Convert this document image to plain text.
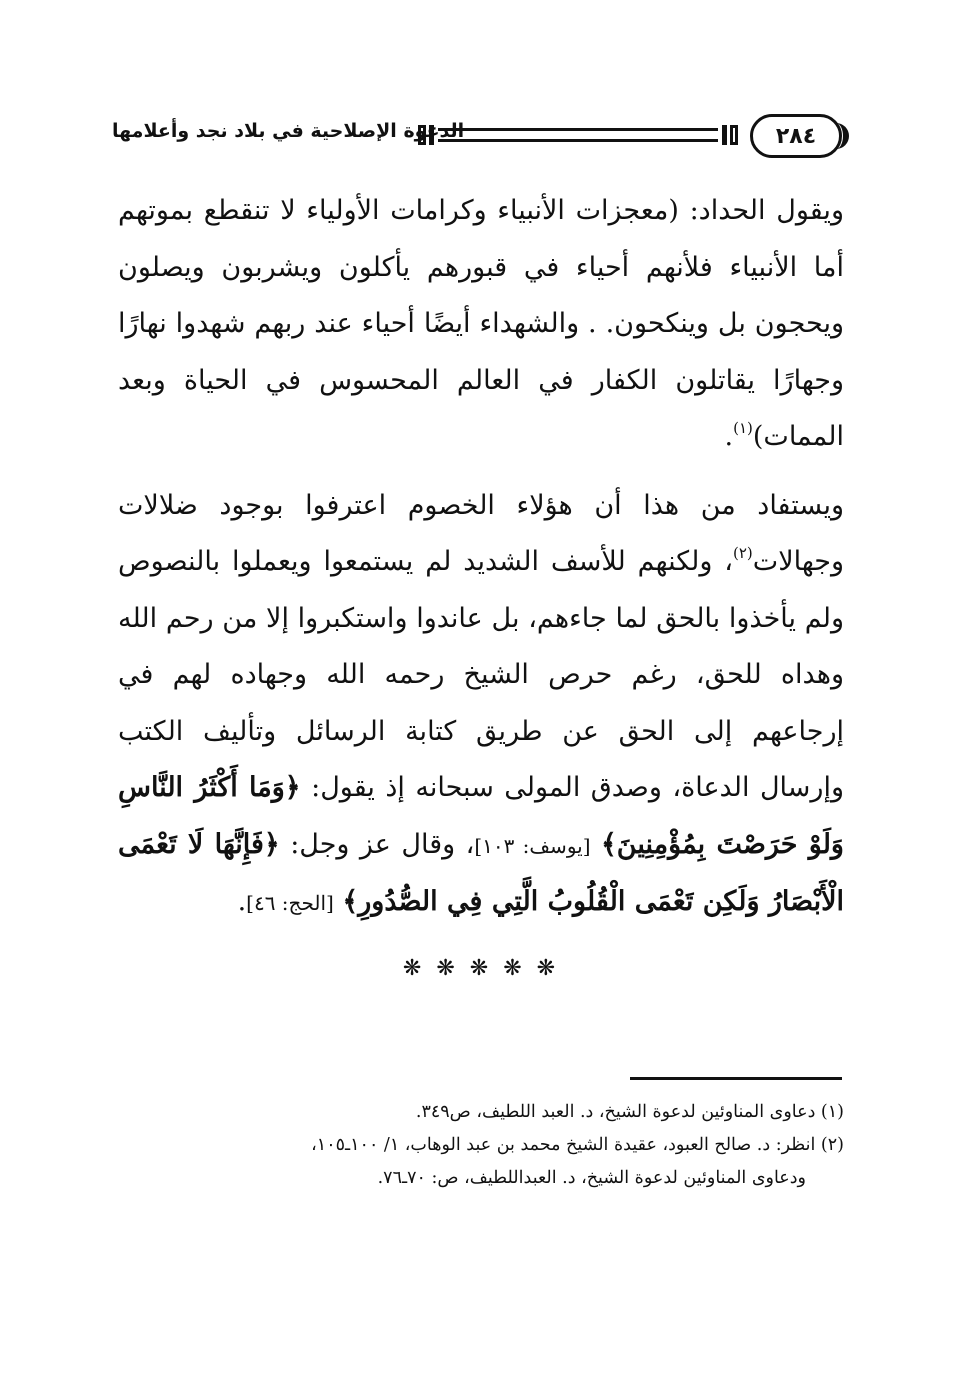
٢٨٤
الدعوة الإصلاحية في بلاد نجد وأعلامها

ويقول الحداد: (معجزات الأنبياء وكرامات الأولياء لا تنقطع بموتهم أما الأنبياء فلأنهم أحياء في قبورهم يأكلون ويشربون ويصلون ويحجون بل وينكحون. . والشهداء أيضًا أحياء عند ربهم شهدوا نهارًا وجهارًا يقاتلون الكفار في العالم المحسوس في الحياة وبعد الممات)$^{(١)}$.

ويستفاد من هذا أن هؤلاء الخصوم اعترفوا بوجود ضلالات وجهالات$^{(٢)}$، ولكنهم للأسف الشديد لم يستمعوا ويعملوا بالنصوص ولم يأخذوا بالحق لما جاءهم، بل عاندوا واستكبروا إلا من رحم الله وهداه للحق، رغم حرص الشيخ رحمه الله وجهاده لهم في إرجاعهم إلى الحق عن طريق كتابة الرسائل وتأليف الكتب وإرسال الدعاة، وصدق المولى سبحانه إذ يقول: ﴿وَمَا أَكْثَرُ النَّاسِ وَلَوْ حَرَصْتَ بِمُؤْمِنِينَ﴾ [يوسف: ١٠٣]، وقال عز وجل: ﴿فَإِنَّهَا لَا تَعْمَى الْأَبْصَارُ وَلَكِن تَعْمَى الْقُلُوبُ الَّتِي فِي الصُّدُورِ﴾ [الحج: ٤٦].

❋ ❋ ❋ ❋ ❋
(١) دعاوى المناوئين لدعوة الشيخ، د. العبد اللطيف، ص٣٤٩.
(٢) انظر: د. صالح العبود، عقيدة الشيخ محمد بن عبد الوهاب، ١/ ١٠٠ـ١٠٥،
ودعاوى المناوئين لدعوة الشيخ، د. العبداللطيف، ص: ٧٠ـ٧٦.
